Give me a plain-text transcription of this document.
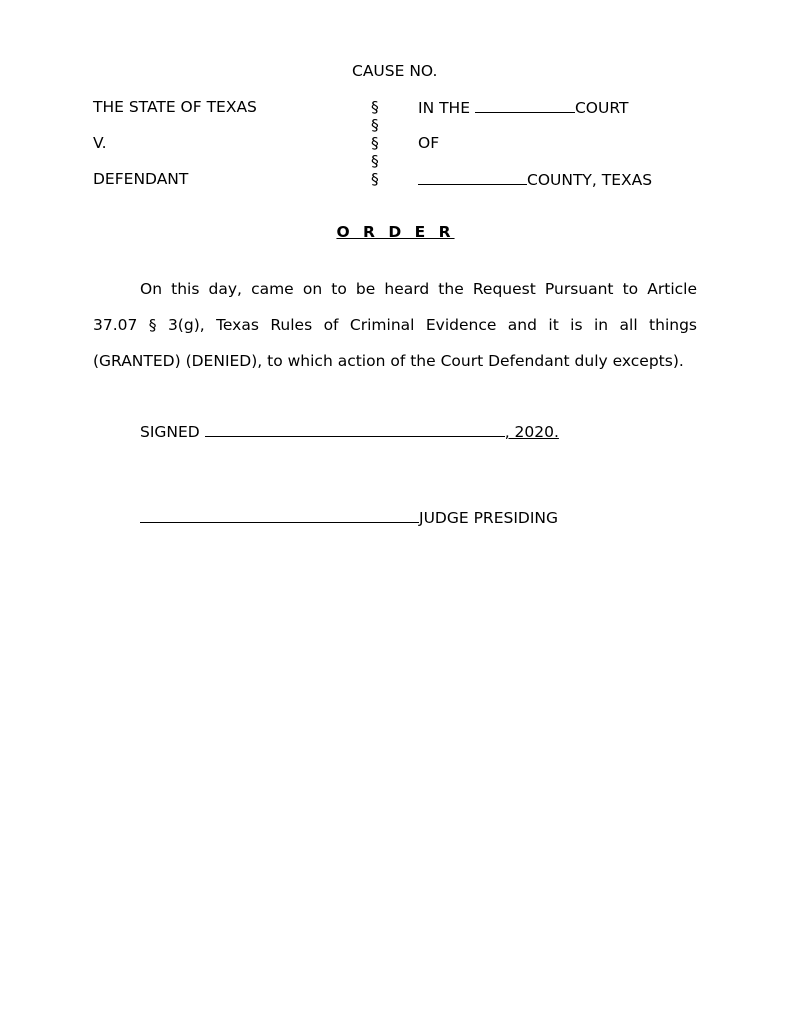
CAUSE NO.
THE STATE OF TEXAS	§	IN THE	COURT
§
V.	§	OF
§
DEFENDANT	§	COUNTY, TEXAS
O R D E R
On this day, came on to be heard the Request Pursuant to Article
37.07 § 3(g), Texas Rules of Criminal Evidence and it is in all things
(GRANTED) (DENIED), to which action of the Court Defendant duly excepts).
SIGNED	, 2020.
JUDGE PRESIDING
